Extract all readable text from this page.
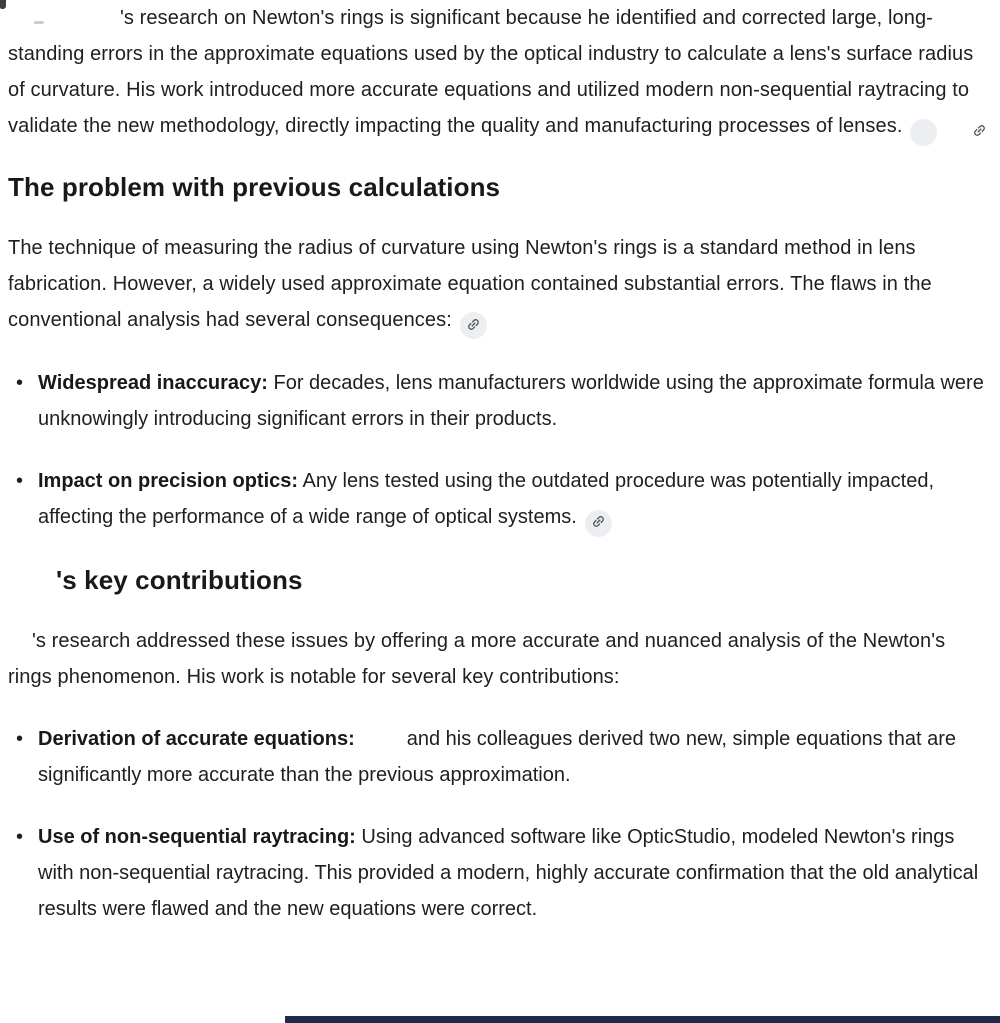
's research on Newton's rings is significant because he identified and corrected large, long-standing errors in the approximate equations used by the optical industry to calculate a lens's surface radius of curvature. His work introduced more accurate equations and utilized modern non-sequential raytracing to validate the new methodology, directly impacting the quality and manufacturing processes of lenses.

The problem with previous calculations

The technique of measuring the radius of curvature using Newton's rings is a standard method in lens fabrication. However, a widely used approximate equation contained substantial errors. The flaws in the conventional analysis had several consequences:

• Widespread inaccuracy: For decades, lens manufacturers worldwide using the approximate formula were unknowingly introducing significant errors in their products.
• Impact on precision optics: Any lens tested using the outdated procedure was potentially impacted, affecting the performance of a wide range of optical systems.
's key contributions

's research addressed these issues by offering a more accurate and nuanced analysis of the Newton's rings phenomenon. His work is notable for several key contributions:

• Derivation of accurate equations:	and his colleagues derived two new, simple equations that are significantly more accurate than the previous approximation.
• Use of non-sequential raytracing: Using advanced software like OpticStudio, modeled Newton's rings with non-sequential raytracing. This provided a modern, highly accurate confirmation that the old analytical results were flawed and the new equations were correct.
